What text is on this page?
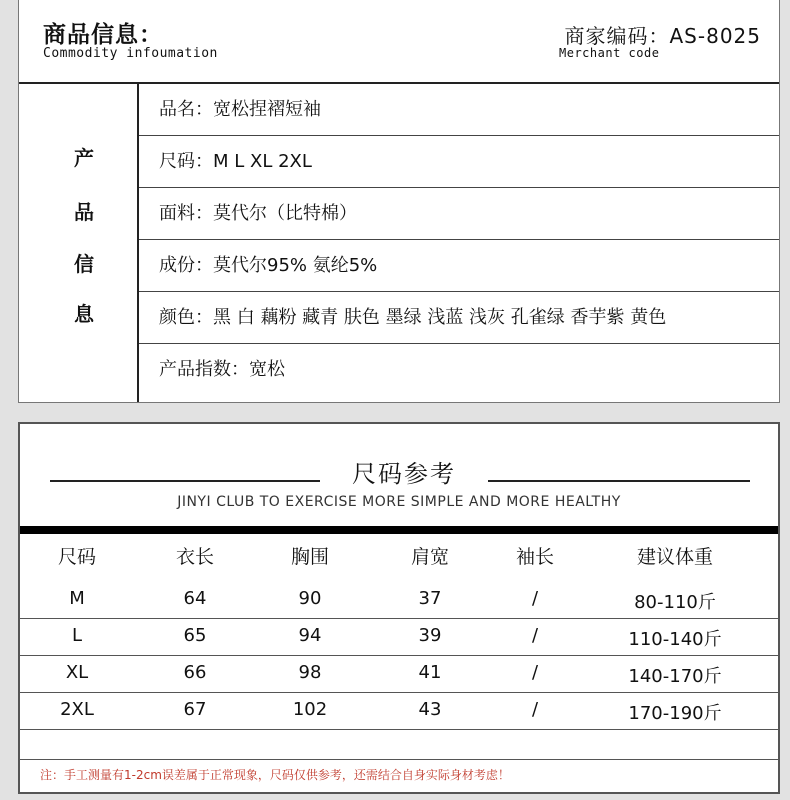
商品信息：
Commodity infoumation
商家编码：AS-8025
Merchant code
产
品
信
息
品名：宽松捏褶短袖
尺码：M L XL 2XL
面料：莫代尔（比特棉）
成份：莫代尔95% 氨纶5%
颜色：黑 白 藕粉 藏青 肤色 墨绿 浅蓝 浅灰 孔雀绿 香芋紫 黄色
产品指数：宽松
尺码参考
JINYI CLUB TO EXERCISE MORE SIMPLE AND MORE HEALTHY
尺码	衣长	胸围	肩宽	袖长	建议体重
M	64	90	37	/	80-110斤
L	65	94	39	/	110-140斤
XL	66	98	41	/	140-170斤
2XL	67	102	43	/	170-190斤
注：手工测量有1-2cm误差属于正常现象，尺码仅供参考，还需结合自身实际身材考虑！
